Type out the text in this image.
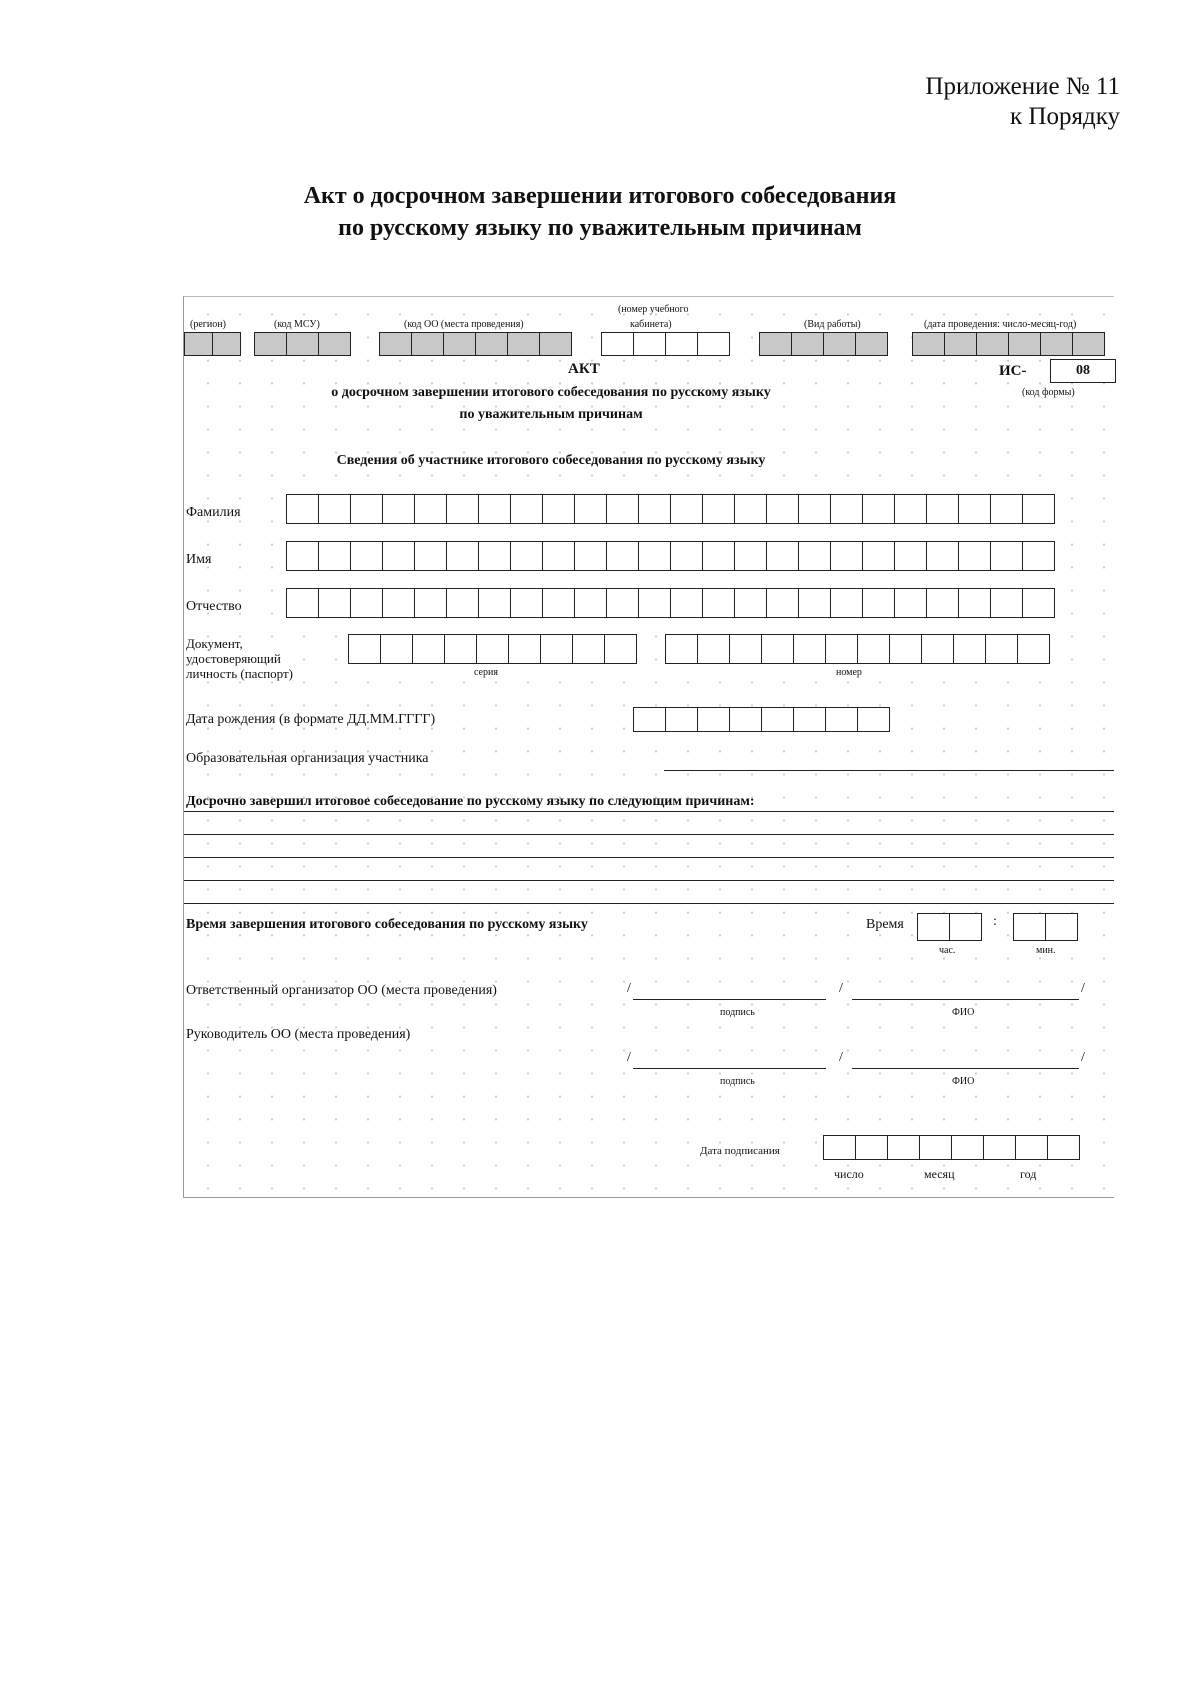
Приложение № 11
к Порядку
Акт о досрочном завершении итогового собеседования
по русскому языку по уважительным причинам
(регион)	(код МСУ)	(код ОО (места проведения)
(номер учебного
кабинета)	(Вид работы)	(дата проведения: число-месяц-год)
АКТ
о досрочном завершении итогового собеседования по русскому языку
по уважительным причинам
ИС-	08
(код формы)
Сведения об участнике итогового собеседования по русскому языку
Фамилия
Имя
Отчество
Документ,
удостоверяющий
личность (паспорт)	серия	номер
Дата рождения (в формате ДД.ММ.ГГГГ)
Образовательная организация участника
Досрочно завершил итоговое собеседование по русскому языку по следующим причинам:
Время завершения итогового собеседования по русскому языку	Время	:
час.	мин.
Ответственный организатор ОО (места проведения)	/	/	/
подпись	ФИО
Руководитель ОО (места проведения)
/	/	/
подпись	ФИО
Дата подписания
число	месяц	год
